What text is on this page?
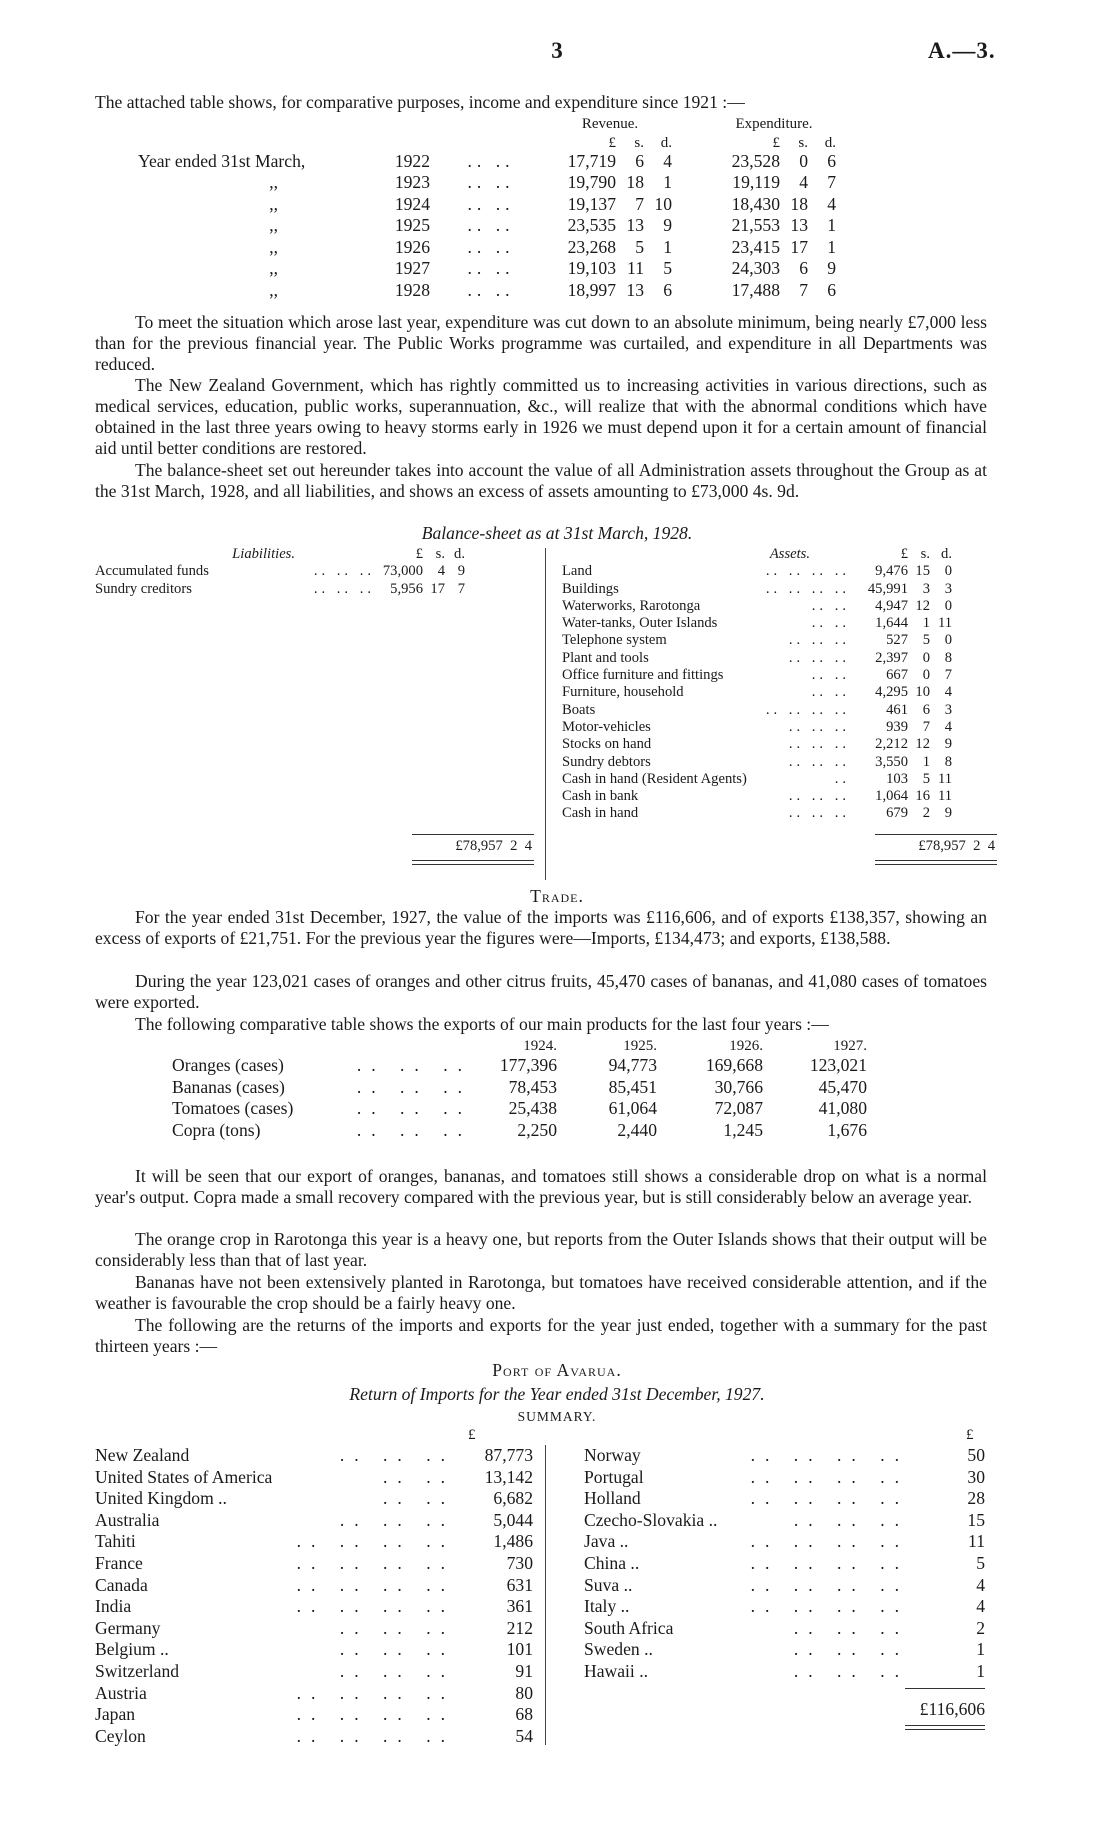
3	A.—3.

The attached table shows, for comparative purposes, income and expenditure since 1921 :—

			Revenue.				Expenditure.		
			£	s.	d.		£	s.	d.
Year ended 31st March,	1922	.. ..	17,719	6	4		23,528	0	6
,,	1923	.. ..	19,790	18	1		19,119	4	7
,,	1924	.. ..	19,137	7	10		18,430	18	4
,,	1925	.. ..	23,535	13	9		21,553	13	1
,,	1926	.. ..	23,268	5	1		23,415	17	1
,,	1927	.. ..	19,103	11	5		24,303	6	9
,,	1928	.. ..	18,997	13	6		17,488	7	6

To meet the situation which arose last year, expenditure was cut down to an absolute minimum, being nearly £7,000 less than for the previous financial year. The Public Works programme was curtailed, and expenditure in all Departments was reduced.

The New Zealand Government, which has rightly committed us to increasing activities in various directions, such as medical services, education, public works, superannuation, &c., will realize that with the abnormal conditions which have obtained in the last three years owing to heavy storms early in 1926 we must depend upon it for a certain amount of financial aid until better conditions are restored.

The balance-sheet set out hereunder takes into account the value of all Administration assets throughout the Group as at the 31st March, 1928, and all liabilities, and shows an excess of assets amounting to £73,000 4s. 9d.

Balance-sheet as at 31st March, 1928.
Liabilities.		£	s.	d.
Accumulated funds	.. .. ..	73,000	4	9
Sundry creditors	.. .. ..	5,956	17	7
Assets.		£	s.	d.
Land	.. .. .. ..	9,476	15	0
Buildings	.. .. .. ..	45,991	3	3
Waterworks, Rarotonga	.. ..	4,947	12	0
Water-tanks, Outer Islands	.. ..	1,644	1	11
Telephone system	.. .. ..	527	5	0
Plant and tools	.. .. ..	2,397	0	8
Office furniture and fittings	.. ..	667	0	7
Furniture, household	.. ..	4,295	10	4
Boats	.. .. .. ..	461	6	3
Motor-vehicles	.. .. ..	939	7	4
Stocks on hand	.. .. ..	2,212	12	9
Sundry debtors	.. .. ..	3,550	1	8
Cash in hand (Resident Agents)	..	103	5	11
Cash in bank	.. .. ..	1,064	16	11
Cash in hand	.. .. ..	679	2	9
£78,957  2  4	£78,957  2  4
Trade.

For the year ended 31st December, 1927, the value of the imports was £116,606, and of exports £138,357, showing an excess of exports of £21,751. For the previous year the figures were—Imports, £134,473; and exports, £138,588.

During the year 123,021 cases of oranges and other citrus fruits, 45,470 cases of bananas, and 41,080 cases of tomatoes were exported.

The following comparative table shows the exports of our main products for the last four years :—

		1924.	1925.	1926.	1927.
Oranges (cases)	.. .. ..	177,396	94,773	169,668	123,021
Bananas (cases)	.. .. ..	78,453	85,451	30,766	45,470
Tomatoes (cases)	.. .. ..	25,438	61,064	72,087	41,080
Copra (tons)	.. .. ..	2,250	2,440	1,245	1,676

It will be seen that our export of oranges, bananas, and tomatoes still shows a considerable drop on what is a normal year's output. Copra made a small recovery compared with the previous year, but is still considerably below an average year.

The orange crop in Rarotonga this year is a heavy one, but reports from the Outer Islands shows that their output will be considerably less than that of last year.

Bananas have not been extensively planted in Rarotonga, but tomatoes have received considerable attention, and if the weather is favourable the crop should be a fairly heavy one.

The following are the returns of the imports and exports for the year just ended, together with a summary for the past thirteen years :—

Port of Avarua.
Return of Imports for the Year ended 31st December, 1927.
SUMMARY.
£	£
New Zealand	.. .. ..	87,773
United States of America	.. ..	13,142
United Kingdom ..	.. ..	6,682
Australia	.. .. ..	5,044
Tahiti	.. .. .. ..	1,486
France	.. .. .. ..	730
Canada	.. .. .. ..	631
India	.. .. .. ..	361
Germany	.. .. ..	212
Belgium ..	.. .. ..	101
Switzerland	.. .. ..	91
Austria	.. .. .. ..	80
Japan	.. .. .. ..	68
Ceylon	.. .. .. ..	54
Norway	.. .. .. ..	50
Portugal	.. .. .. ..	30
Holland	.. .. .. ..	28
Czecho-Slovakia ..	.. .. ..	15
Java ..	.. .. .. ..	11
China ..	.. .. .. ..	5
Suva ..	.. .. .. ..	4
Italy ..	.. .. .. ..	4
South Africa	.. .. ..	2
Sweden ..	.. .. ..	1
Hawaii ..	.. .. ..	1
£116,606
